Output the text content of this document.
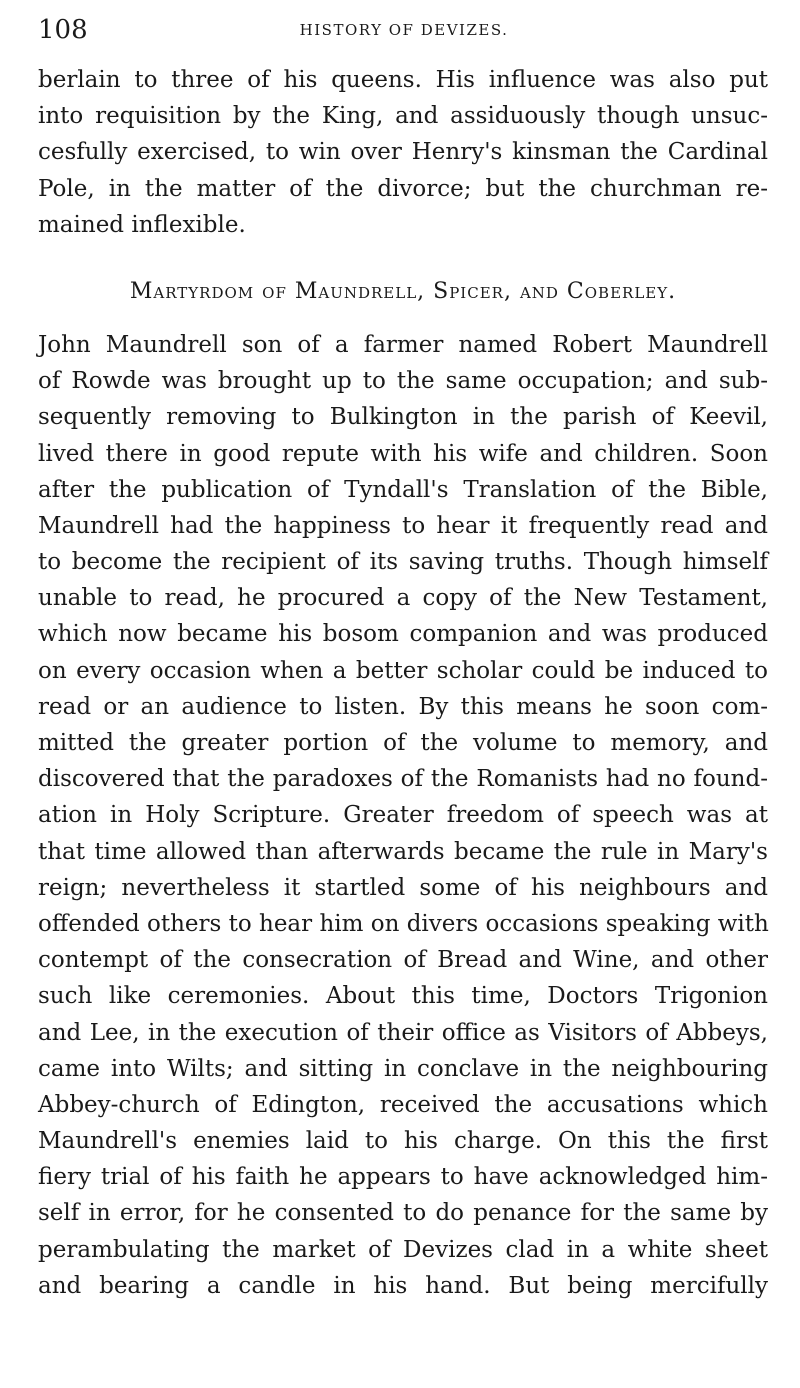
108	HISTORY OF DEVIZES.
berlain to three of his queens. His influence was also put
into requisition by the King, and assiduously though unsuc-
cesfully exercised, to win over Henry's kinsman the Cardinal
Pole, in the matter of the divorce; but the churchman re-
mained inflexible.
Martyrdom of Maundrell, Spicer, and Coberley.
John Maundrell son of a farmer named Robert Maundrell
of Rowde was brought up to the same occupation; and sub-
sequently removing to Bulkington in the parish of Keevil,
lived there in good repute with his wife and children. Soon
after the publication of Tyndall's Translation of the Bible,
Maundrell had the happiness to hear it frequently read and
to become the recipient of its saving truths. Though himself
unable to read, he procured a copy of the New Testament,
which now became his bosom companion and was produced
on every occasion when a better scholar could be induced to
read or an audience to listen. By this means he soon com-
mitted the greater portion of the volume to memory, and
discovered that the paradoxes of the Romanists had no found-
ation in Holy Scripture. Greater freedom of speech was at
that time allowed than afterwards became the rule in Mary's
reign; nevertheless it startled some of his neighbours and
offended others to hear him on divers occasions speaking with
contempt of the consecration of Bread and Wine, and other
such like ceremonies. About this time, Doctors Trigonion
and Lee, in the execution of their office as Visitors of Abbeys,
came into Wilts; and sitting in conclave in the neighbouring
Abbey-church of Edington, received the accusations which
Maundrell's enemies laid to his charge. On this the first
fiery trial of his faith he appears to have acknowledged him-
self in error, for he consented to do penance for the same by
perambulating the market of Devizes clad in a white sheet
and bearing a candle in his hand. But being mercifully
